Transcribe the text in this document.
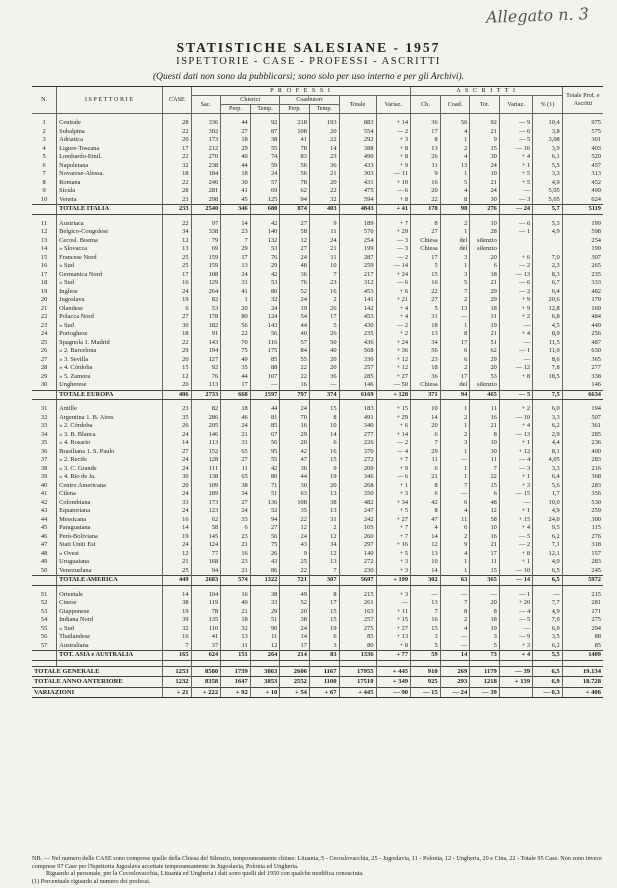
Allegato n. 3
STATISTICHE SALESIANE - 1957
ISPETTORIE - CASE - PROFESSI - ASCRITTI
(Questi dati non sono da pubblicarsi; sono solo per uso interno e per gli Archivi).
N.	ISPETTORIE	CASE	P R O F E S S I							A S C R I T T I					Totale Prof. e Ascritti
			Sac.	Chierici		Coadiutori		Totale	Variaz.	Ch.	Coad.	Tot.	Variaz.	% (1)	
				Perp.	Temp.	Perp.	Temp.								

1	Centrale	28	336	44	92	218	193	883	+ 14	36	56	92	— 9	10,4	975
2	Subalpina	22	302	27	87	108	20	554	— 2	17	4	21	— 6	3,8	575
3	Adriatica	20	173	18	38	41	22	292	+ 3	8	1	9	— 5	3,08	301
4	Ligure-Toscana	17	212	29	55	78	14	388	+ 8	13	2	15	— 16	3,9	403
5	Lombardo-Emil.	22	270	40	74	83	23	490	+ 8	26	4	30	+ 4	6,1	520
6	Napoletana	32	238	44	59	56	36	433	+ 9	11	13	24	+ 1	5,5	457
7	Novarese-Alessa.	18	184	18	24	56	21	303	— 11	9	1	10	+ 5	3,3	313
8	Romana	22	246	30	57	78	20	431	+ 10	16	5	21	+ 5	4,9	452
9	Sicula	28	281	41	69	62	22	475	— 6	20	4	24	—	5,05	499
10	Veneta	23	298	45	125	94	32	594	+ 8	22	8	30	— 3	5,05	624
	TOTALE ITALIA	233	2540	346	680	874	403	4843	+ 41	178	98	276	— 24	5,7	5119

11	Austriaca	22	97	14	42	27	9	189	+ 7	8	2	10	— 6	5,3	199
12	Belgico-Congolese	34	338	23	140	58	11	570	+ 29	27	1	28	— 1	4,9	598
13	Cecosl. Boema	12	79	7	132	12	24	254	— 3	Chiesa	del	silenzio			254
14	» Slovacca	13	69	29	53	27	21	199	— 3	Chiesa	del	silenzio			199
15	Francese Nord	25	159	17	76	24	11	287	— 2	17	3	20	+ 6	7,0	307
16	» Sud	25	159	13	29	48	10	259	— 14	5	1	6	— 2	2,3	265
17	Germanica Nord	17	108	24	42	36	7	217	+ 24	15	3	18	— 13	8,3	235
18	» Sud	16	129	31	53	76	23	312	— 6	16	5	21	— 6	6,7	333
19	Inglese	24	264	41	80	52	16	453	+ 6	22	7	29	— 2	6,4	482
20	Jugoslava	19	82	1	32	24	2	141	+ 21	27	2	29	+ 9	20,6	170
21	Olandese	6	53	20	24	19	26	142	+ 4	5	13	18	+ 9	12,8	160
22	Polacca Nord	27	178	80	124	54	17	453	+ 4	31	—	31	+ 2	6,8	484
23	» Sud	30	182	56	143	44	5	430	— 2	18	1	19	—	4,5	449
24	Portoghese	18	91	22	56	40	26	235	+ 2	13	8	21	+ 4	8,9	256
25	Spagnola 1. Madrid	22	143	70	116	57	50	436	+ 24	34	17	51	—	11,5	487
26	» 2. Barcelona	29	194	75	175	84	40	568	+ 36	56	6	62	— 1	11,0	630
27	» 3. Sevilla	20	127	49	85	55	20	336	+ 12	23	6	29	—	8,6	365
28	» 4. Córdoba	15	92	35	88	22	20	257	+ 12	18	2	20	— 12	7,8	277
29	» 5. Zamora	12	76	44	107	22	36	285	+ 27	36	17	53	+ 8	18,5	338
30	Ungherese	20	113	17	—	16	—	146	— 50	Chiesa	del	silenzio			146
	TOTALE EUROPA	406	2733	668	1597	797	374	6169	+ 128	371	94	465	— 5	7,5	6634

31	Antille	23	82	18	44	24	15	183	+ 15	10	1	11	+ 2	6,0	194
32	Argentina 1. B. Aires	35	286	46	81	70	8	491	+ 29	14	2	16	— 10	3,3	507
33	» 2. Córdoba	26	205	24	85	16	10	340	+ 6	20	1	21	+ 4	6,2	361
34	» 3. B. Blanca	24	146	21	67	29	14	277	+ 14	6	2	8	— 13	2,9	285
35	» 4. Rosario	14	113	31	56	20	6	226	— 2	7	3	10	+ 1	4,4	236
36	Brasiliana 1. S. Paulo	27	152	65	95	42	16	370	— 4	29	1	30	+ 12	8,1	400
37	» 2. Recife	24	128	27	55	47	15	272	+ 7	11	—	11	— 4	4,05	283
38	» 3. C. Grande	24	111	11	42	36	9	209	+ 9	6	1	7	— 3	3,3	216
39	» 4. Rio de Ja.	30	138	65	80	44	19	346	— 6	21	1	22	+ 1	6,4	368
40	Centro Americana	20	109	38	71	30	20	268	+ 1	8	7	15	+ 3	5,6	283
41	Cilena	24	189	34	51	63	13	350	+ 3	6	—	6	— 15	1,7	356
42	Colombiana	33	173	27	136	108	38	482	+ 34	42	6	48	—	10,0	530
43	Equatoriana	24	123	24	52	35	13	247	+ 5	8	4	12	+ 1	4,9	259
44	Messicana	16	62	33	94	22	31	242	+ 27	47	11	58	+ 15	24,0	300
45	Paraguaiana	14	58	6	27	12	2	105	+ 7	4	6	10	+ 4	9,5	115
46	Perù-Boliviana	19	145	23	56	24	12	260	+ 7	14	2	16	— 5	6,2	276
47	Stati Uniti Est	24	124	21	75	43	34	297	+ 16	12	9	21	— 2	7,1	318
48	» Ovest	12	77	16	26	9	12	140	+ 5	13	4	17	+ 8	12,1	157
49	Uruguaiana	21	168	23	43	25	13	272	+ 3	10	1	11	+ 1	4,0	283
50	Venezuelana	25	94	21	86	22	7	230	+ 3	14	1	15	— 10	6,5	245
	TOTALE AMERICA	449	2683	574	1322	721	307	5607	+ 199	302	63	365	— 14	6,5	5972

51	Orientale	14	104	16	38	49	8	215	+ 3	—	—	—	— 1	—	215
52	Cinese	38	119	40	33	52	17	261	—	13	7	20	+ 20	7,7	281
53	Giapponese	19	78	21	29	20	15	163	+ 11	7	8	8	— 4	4,9	171
54	Indiana Nord	39	135	18	51	38	15	257	+ 15	16	2	18	— 5	7,0	275
55	» Sud	32	110	32	90	24	19	275	+ 27	15	4	19	—	6,9	294
56	Thailandese	16	41	13	11	14	6	85	+ 13	3	—	3	— 9	3,5	88
57	Australiana	7	37	11	12	17	3	80	+ 8	5	—	5	+ 3	6,2	85
	TOT. ASIA e AUSTRALIA	165	624	151	264	214	83	1336	+ 77	59	14	73	+ 4	5,5	1409

TOTALE GENERALE		1253	8580	1739	3863	2606	1167	17955	+ 445	910	269	1179	— 39	6,5	19.134
TOTALE ANNO ANTERIORE		1232	8358	1647	3853	2552	1100	17510	+ 349	925	293	1218	+ 139	6,9	18.728
VARIAZIONI		+ 21	+ 222	+ 92	+ 10	+ 54	+ 67	+ 445	— 90	— 15	— 24	— 39		— 0,3	+ 406

NB. — Nel numero delle CASE sono comprese quelle della Chiesa del Silenzio, temporaneamente chiuse: Lituania, 5 - Cecoslovacchia, 25 - Jugoslavia, 11 - Polonia, 12 - Ungheria, 20 e Cina, 22 - Totale 95 Case. Non sono invece comprese 97 Case per l'Ispettoria Jugoslava accettate temporaneamente in Jugoslavia, Polonia ed Ungheria.

Riguardo al personale, per la Cecoslovacchia, Lituania ed Ungheria i dati sono quelli del 1950 con qualche modifica conosciuta.

(1) Percentuale riguardo al numero dei professi.
